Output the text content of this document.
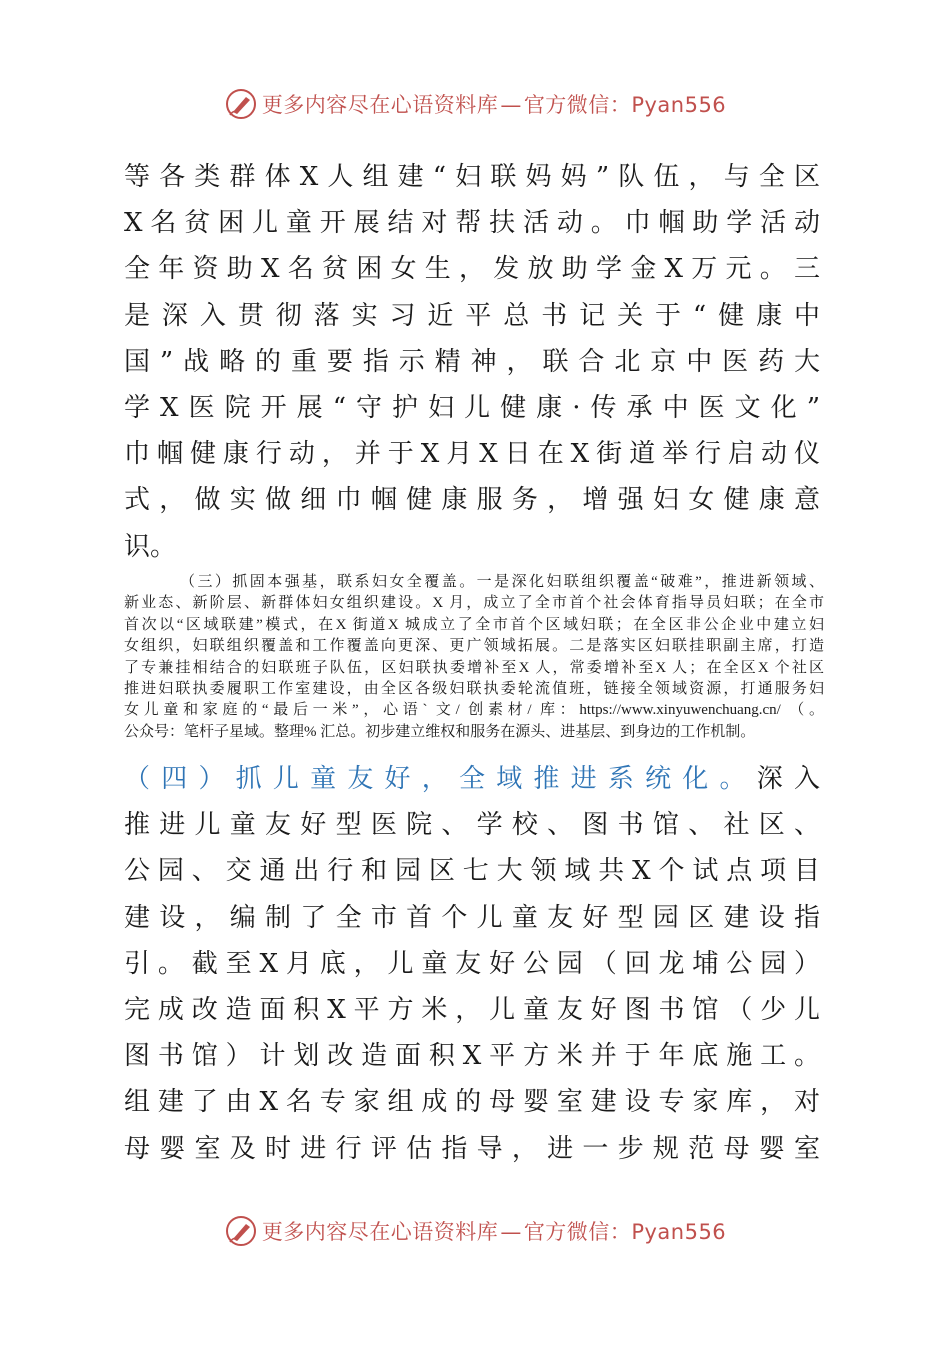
更多内容尽在心语资料库—官方微信：Pyan556
等各类群体X人组建“妇联妈妈”队伍，与全区
X名贫困儿童开展结对帮扶活动。巾帼助学活动
全年资助X名贫困女生，发放助学金X万元。三
是深入贯彻落实习近平总书记关于“健康中
国”战略的重要指示精神，联合北京中医药大
学X医院开展“守护妇儿健康·传承中医文化”
巾帼健康行动，并于X月X日在X街道举行启动仪
式，做实做细巾帼健康服务，增强妇女健康意
识。
（三）抓固本强基，联系妇女全覆盖。一是深化妇联组织覆盖“破难”，推进新领域、
新业态、新阶层、新群体妇女组织建设。X 月，成立了全市首个社会体育指导员妇联；在全市
首次以“区域联建”模式，在X 街道X 城成立了全市首个区域妇联；在全区非公企业中建立妇
女组织，妇联组织覆盖和工作覆盖向更深、更广领域拓展。二是落实区妇联挂职副主席，打造
了专兼挂相结合的妇联班子队伍，区妇联执委增补至X 人，常委增补至X 人；在全区X 个社区
推进妇联执委履职工作室建设，由全区各级妇联执委轮流值班，链接全领域资源，打通服务妇
女儿童和家庭的“最后一米”，心语` 文/ 创素材/ 库：https://www.xinyuwenchuang.cn/ （。
公众号：笔杆子星域。整理% 汇总。初步建立维权和服务在源头、进基层、到身边的工作机制。
（四）抓儿童友好，全域推进系统化。深入
推进儿童友好型医院、学校、图书馆、社区、
公园、交通出行和园区七大领域共X个试点项目
建设，编制了全市首个儿童友好型园区建设指
引。截至X月底，儿童友好公园（回龙埔公园）
完成改造面积X平方米，儿童友好图书馆（少儿
图书馆）计划改造面积X平方米并于年底施工。
组建了由X名专家组成的母婴室建设专家库，对
母婴室及时进行评估指导，进一步规范母婴室
更多内容尽在心语资料库—官方微信：Pyan556
